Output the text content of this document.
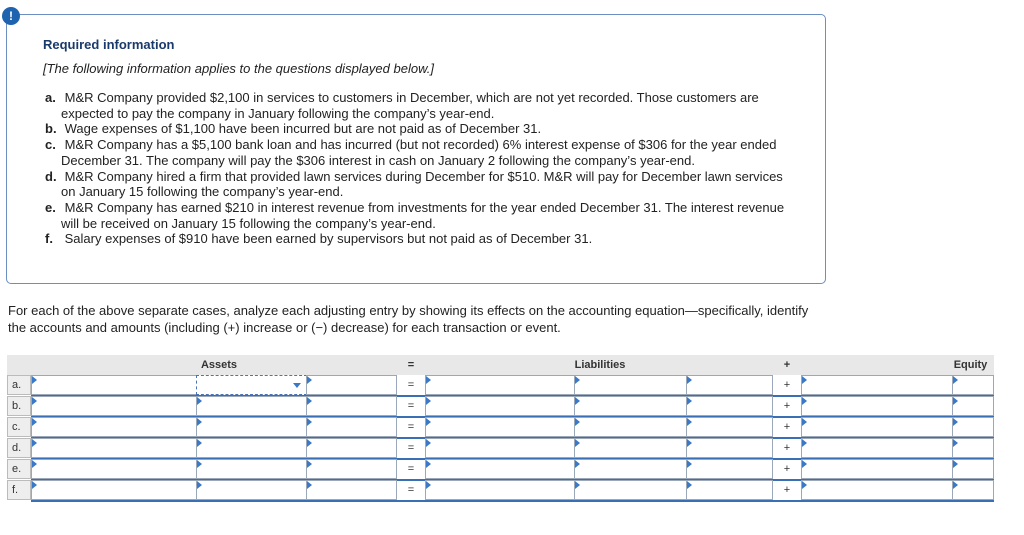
!
Required information
[The following information applies to the questions displayed below.]
a. M&R Company provided $2,100 in services to customers in December, which are not yet recorded. Those customers are expected to pay the company in January following the company’s year-end.
b. Wage expenses of $1,100 have been incurred but are not paid as of December 31.
c. M&R Company has a $5,100 bank loan and has incurred (but not recorded) 6% interest expense of $306 for the year ended December 31. The company will pay the $306 interest in cash on January 2 following the company’s year-end.
d. M&R Company hired a firm that provided lawn services during December for $510. M&R will pay for December lawn services on January 15 following the company’s year-end.
e. M&R Company has earned $210 in interest revenue from investments for the year ended December 31. The interest revenue will be received on January 15 following the company’s year-end.
f. Salary expenses of $910 have been earned by supervisors but not paid as of December 31.
For each of the above separate cases, analyze each adjusting entry by showing its effects on the accounting equation—specifically, identify the accounts and amounts (including (+) increase or (−) decrease) for each transaction or event.
Assets	=	Liabilities	+	Equity
a.	=	+
b.	=	+
c.	=	+
d.	=	+
e.	=	+
f.	=	+
